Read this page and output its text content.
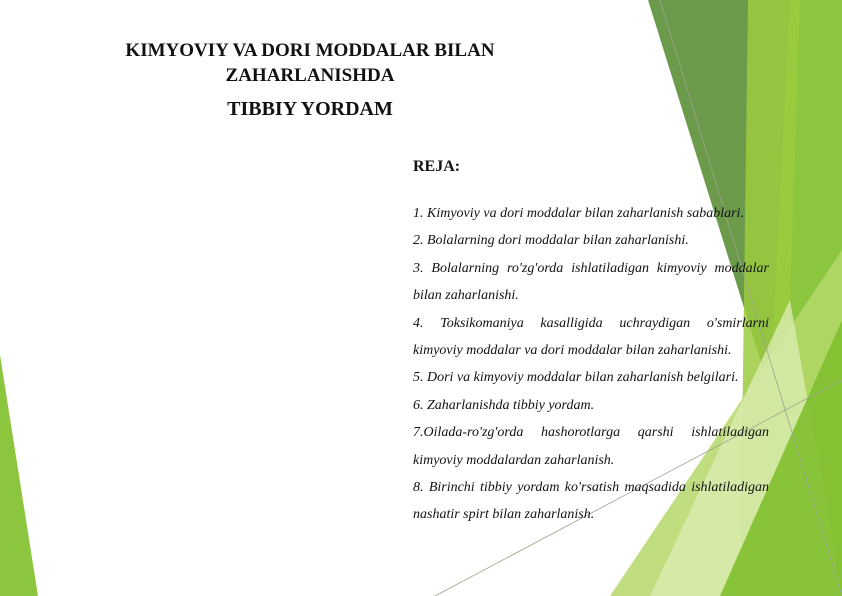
KIMYOVIY VA DORI MODDALAR BILAN
ZAHARLANISHDA
TIBBIY YORDAM
REJA:

1. Kimyoviy va dori moddalar bilan zaharlanish sabablari.

2. Bolalarning dori moddalar bilan zaharlanishi.

3. Bolalarning ro'zg'orda ishlatiladigan kimyoviy moddalar bilan zaharlanishi.

4. Toksikomaniya kasalligida uchraydigan o'smirlarni kimyoviy moddalar va dori moddalar bilan zaharlanishi.

5. Dori va kimyoviy moddalar bilan zaharlanish belgilari.

6. Zaharlanishda tibbiy yordam.

7.Oilada-ro'zg'orda hashorotlarga qarshi ishlatiladigan kimyoviy moddalardan zaharlanish.

8. Birinchi tibbiy yordam ko'rsatish maqsadida ishlatiladigan nashatir spirt bilan zaharlanish.
